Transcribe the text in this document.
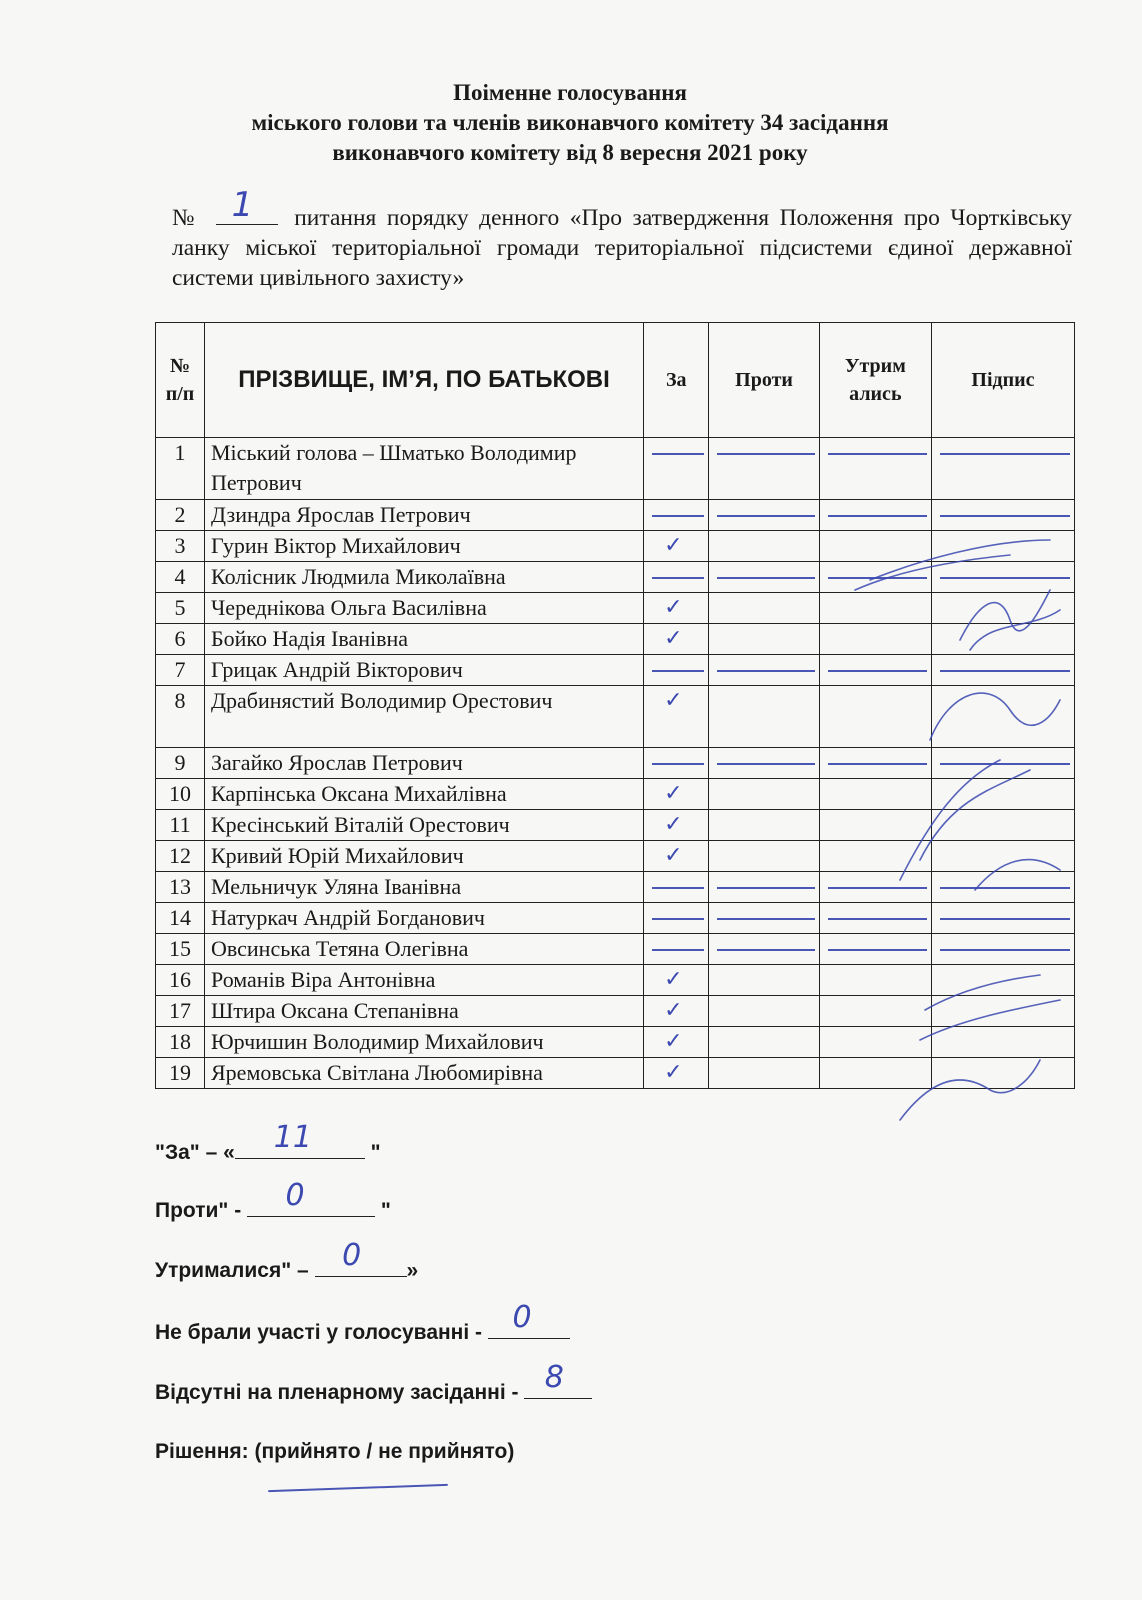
Поіменне голосування
міського голови та членів виконавчого комітету 34 засідання
виконавчого комітету від 8 вересня 2021 року
№ 1 питання порядку денного «Про затвердження Положення про Чортківську ланку міської територіальної громади територіальної підсистеми єдиної державної системи цивільного захисту»
№ п/п	ПРІЗВИЩЕ, ІМ’Я, ПО БАТЬКОВІ	За	Проти	Утрим ались	Підпис
1	Міський голова – Шматько Володимир Петрович	

2	Дзиндра Ярослав Петрович	

3	Гурин Віктор Михайлович	✓			

4	Колісник Людмила Миколаївна	

5	Череднікова Ольга Василівна	✓			

6	Бойко Надія Іванівна	✓			

7	Грицак Андрій Вікторович	

8	Драбинястий Володимир Орестович	✓			

9	Загайко Ярослав Петрович	

10	Карпінська Оксана Михайлівна	✓			

11	Кресінський Віталій Орестович	✓			

12	Кривий Юрій Михайлович	✓			

13	Мельничук Уляна Іванівна	

14	Натуркач Андрій Богданович	

15	Овсинська Тетяна Олегівна	

16	Романів Віра Антонівна	✓			

17	Штира Оксана Степанівна	✓			

18	Юрчишин Володимир Михайлович	✓			

19	Яремовська Світлана Любомирівна	✓			

"За" – « 11	"
Проти" - 0	"
Утрималися" – 0 »
Не брали участі у голосуванні - 0
Відсутні на пленарному засіданні - 8
Рішення: (прийнято / не прийнято)
